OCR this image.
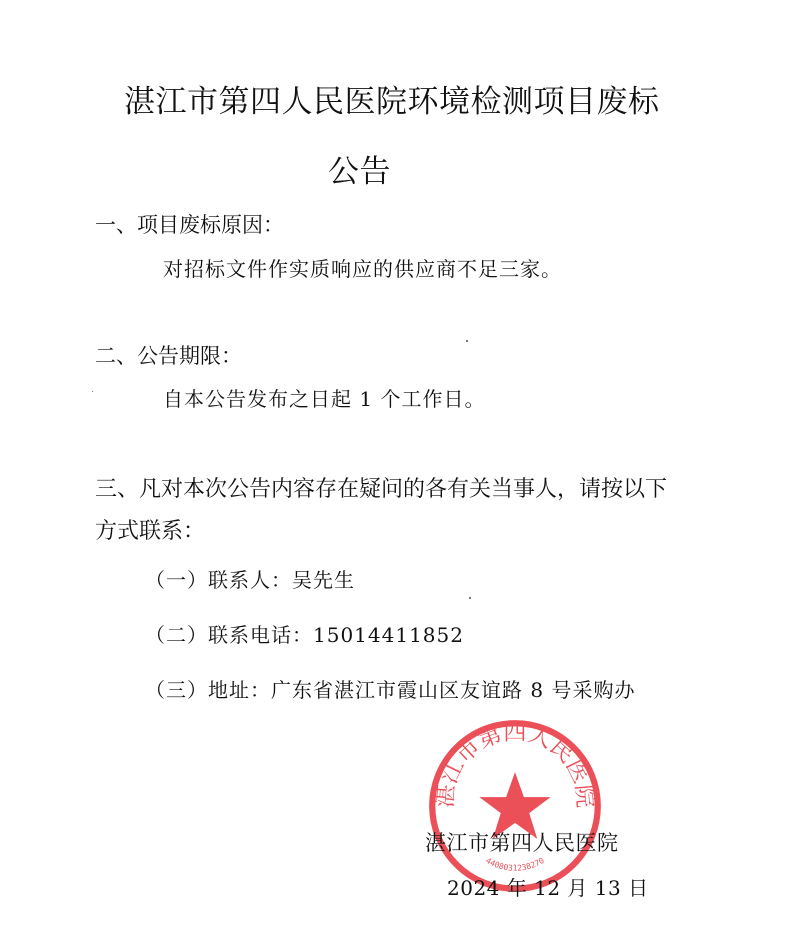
湛江市第四人民医院环境检测项目废标
公告
一、项目废标原因：
对招标文件作实质响应的供应商不足三家。
二、公告期限：
自本公告发布之日起 1 个工作日。
三、凡对本次公告内容存在疑问的各有关当事人，请按以下
方式联系：
（一）联系人：吴先生
（二）联系电话：15014411852
（三）地址：广东省湛江市霞山区友谊路 8 号采购办
湛江市第四人民医院
4408031238270
湛江市第四人民医院
2024 年 12 月 13 日
